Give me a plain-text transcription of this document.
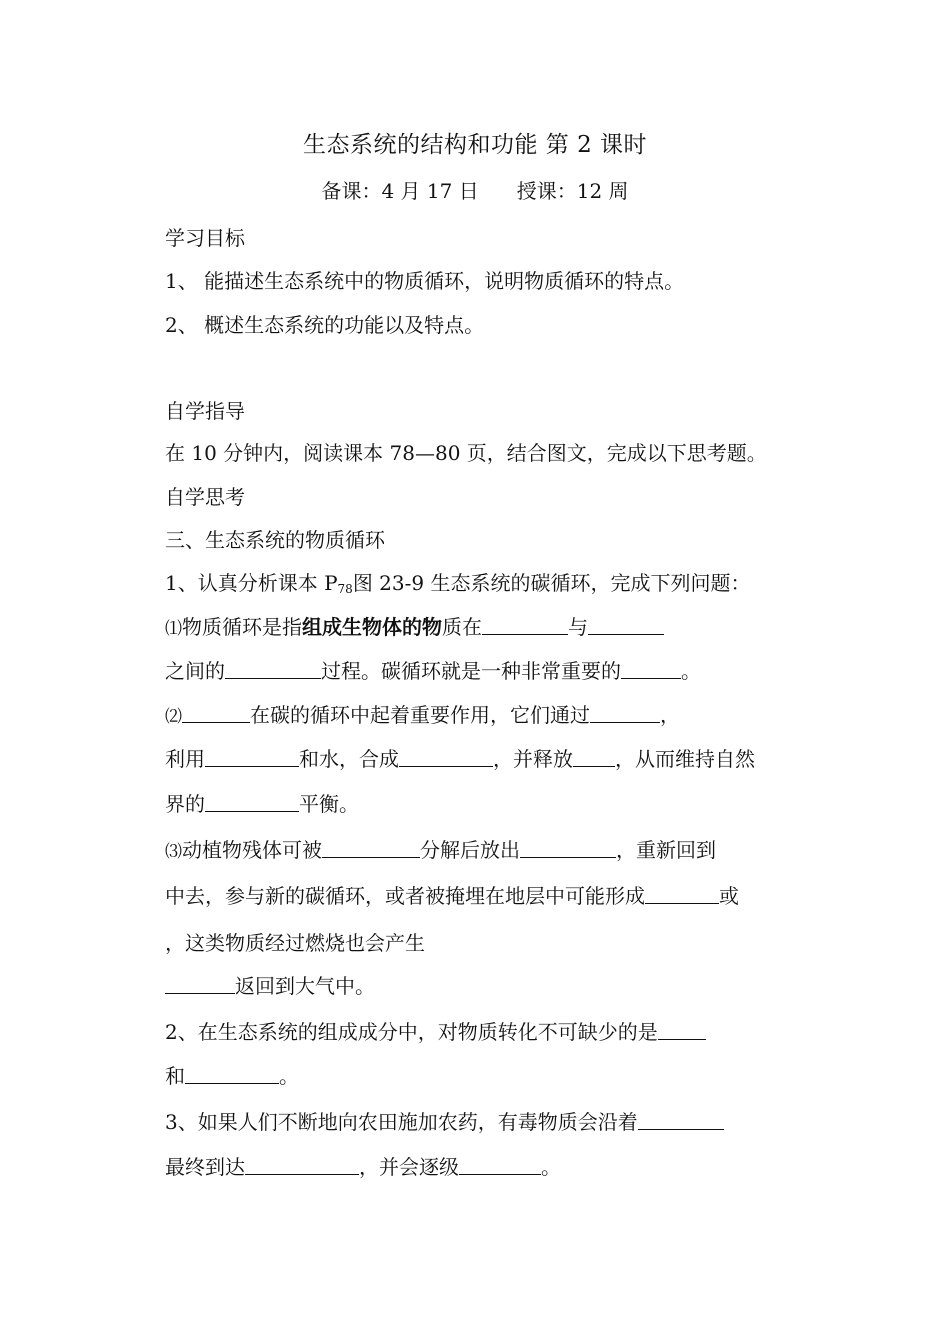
生态系统的结构和功能 第 2 课时
备课：4 月 17 日 授课：12 周
学习目标
1、 能描述生态系统中的物质循环，说明物质循环的特点。
2、 概述生态系统的功能以及特点。
自学指导
在 10 分钟内，阅读课本 78—80 页，结合图文，完成以下思考题。
自学思考
三、生态系统的物质循环
1、认真分析课本 $P_{78}$图 23-9 生态系统的碳循环，完成下列问题：
⑴物质循环是指组成生物体的物质在	与
之间的	过程。碳循环就是一种非常重要的	。
⑵	在碳的循环中起着重要作用，它们通过	，
利用	和水，合成	，并释放 ，从而维持自然
界的	平衡。
⑶动植物残体可被	分解后放出	，重新回到
中去，参与新的碳循环，或者被掩埋在地层中可能形成	或
，这类物质经过燃烧也会产生
返回到大气中。
2、在生态系统的组成成分中，对物质转化不可缺少的是
和	。
3、如果人们不断地向农田施加农药，有毒物质会沿着
最终到达	，并会逐级	。
